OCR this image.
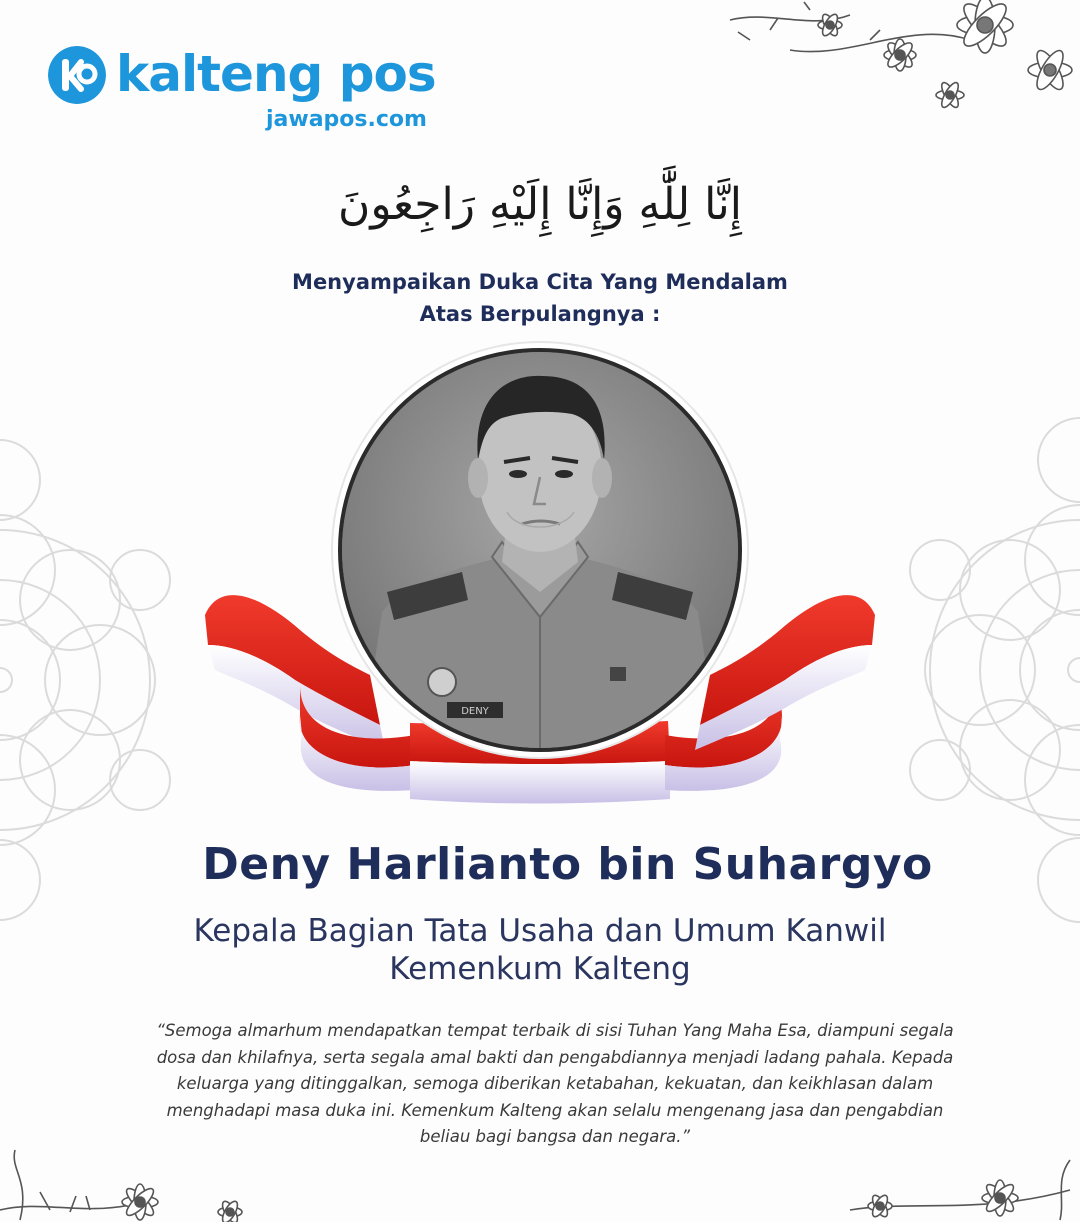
kalteng pos
jawapos.com
إِنَّا لِلَّٰهِ وَإِنَّا إِلَيْهِ رَاجِعُونَ
Menyampaikan Duka Cita Yang Mendalam
Atas Berpulangnya :
DENY
Deny Harlianto bin Suhargyo
Kepala Bagian Tata Usaha dan Umum Kanwil
Kemenkum Kalteng
“Semoga almarhum mendapatkan tempat terbaik di sisi Tuhan Yang Maha Esa, diampuni segala dosa dan khilafnya, serta segala amal bakti dan pengabdiannya menjadi ladang pahala. Kepada keluarga yang ditinggalkan, semoga diberikan ketabahan, kekuatan, dan keikhlasan dalam menghadapi masa duka ini. Kemenkum Kalteng akan selalu mengenang jasa dan pengabdian beliau bagi bangsa dan negara.”
